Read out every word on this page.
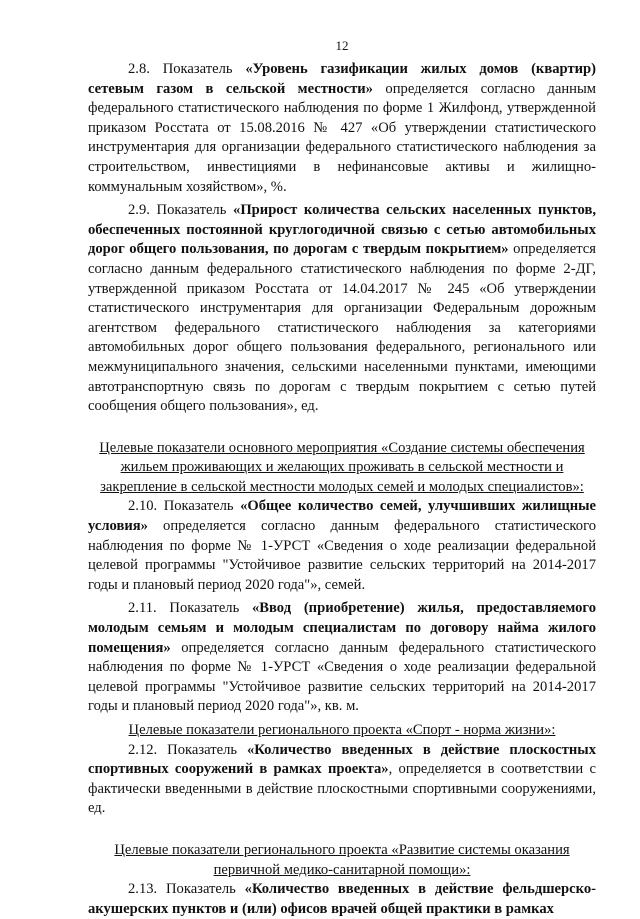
12

2.8. Показатель «Уровень газификации жилых домов (квартир) сетевым газом в сельской местности» определяется согласно данным федерального статистического наблюдения по форме 1 Жилфонд, утвержденной приказом Росстата от 15.08.2016 № 427 «Об утверждении статистического инструментария для организации федерального статистического наблюдения за строительством, инвестициями в нефинансовые активы и жилищно-коммунальным хозяйством», %.

2.9. Показатель «Прирост количества сельских населенных пунктов, обеспеченных постоянной круглогодичной связью с сетью автомобильных дорог общего пользования, по дорогам с твердым покрытием» определяется согласно данным федерального статистического наблюдения по форме 2-ДГ, утвержденной приказом Росстата от 14.04.2017 № 245 «Об утверждении статистического инструментария для организации Федеральным дорожным агентством федерального статистического наблюдения за категориями автомобильных дорог общего пользования федерального, регионального или межмуниципального значения, сельскими населенными пунктами, имеющими автотранспортную связь по дорогам с твердым покрытием с сетью путей сообщения общего пользования», ед.

Целевые показатели основного мероприятия «Создание системы обеспечения жильем проживающих и желающих проживать в сельской местности и закрепление в сельской местности молодых семей и молодых специалистов»:

2.10. Показатель «Общее количество семей, улучшивших жилищные условия» определяется согласно данным федерального статистического наблюдения по форме № 1-УРСТ «Сведения о ходе реализации федеральной целевой программы "Устойчивое развитие сельских территорий на 2014-2017 годы и плановый период 2020 года"», семей.

2.11. Показатель «Ввод (приобретение) жилья, предоставляемого молодым семьям и молодым специалистам по договору найма жилого помещения» определяется согласно данным федерального статистического наблюдения по форме № 1-УРСТ «Сведения о ходе реализации федеральной целевой программы "Устойчивое развитие сельских территорий на 2014-2017 годы и плановый период 2020 года"», кв. м.

Целевые показатели регионального проекта «Спорт - норма жизни»:

2.12. Показатель «Количество введенных в действие плоскостных спортивных сооружений в рамках проекта», определяется в соответствии с фактически введенными в действие плоскостными спортивными сооружениями, ед.

Целевые показатели регионального проекта «Развитие системы оказания первичной медико-санитарной помощи»:

2.13. Показатель «Количество введенных в действие фельдшерско-акушерских пунктов и (или) офисов врачей общей практики в рамках
